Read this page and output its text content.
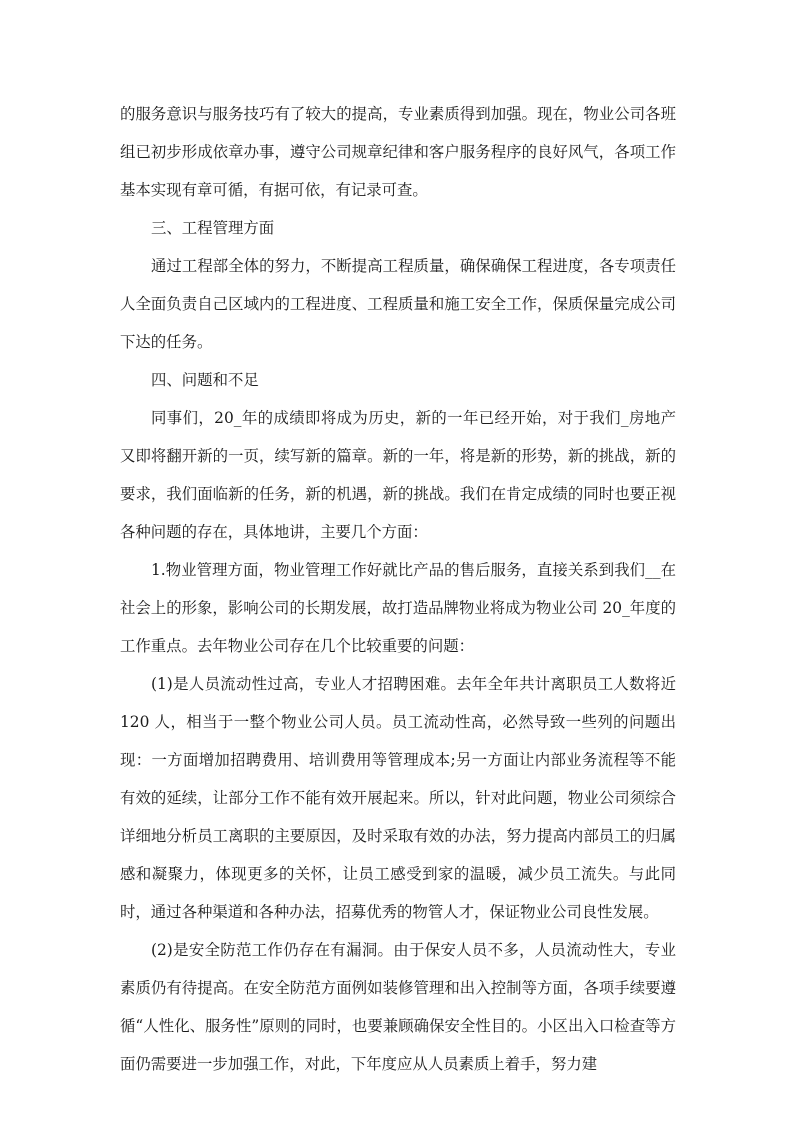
的服务意识与服务技巧有了较大的提高，专业素质得到加强。现在，物业公司各班组已初步形成依章办事，遵守公司规章纪律和客户服务程序的良好风气，各项工作基本实现有章可循，有据可依，有记录可查。

三、工程管理方面

通过工程部全体的努力，不断提高工程质量，确保确保工程进度，各专项责任人全面负责自己区域内的工程进度、工程质量和施工安全工作，保质保量完成公司下达的任务。

四、问题和不足

同事们，20_年的成绩即将成为历史，新的一年已经开始，对于我们_房地产又即将翻开新的一页，续写新的篇章。新的一年，将是新的形势，新的挑战，新的要求，我们面临新的任务，新的机遇，新的挑战。我们在肯定成绩的同时也要正视各种问题的存在，具体地讲，主要几个方面：

1.物业管理方面，物业管理工作好就比产品的售后服务，直接关系到我们__在社会上的形象，影响公司的长期发展，故打造品牌物业将成为物业公司 20_年度的工作重点。去年物业公司存在几个比较重要的问题：

(1)是人员流动性过高，专业人才招聘困难。去年全年共计离职员工人数将近 120 人，相当于一整个物业公司人员。员工流动性高，必然导致一些列的问题出现：一方面增加招聘费用、培训费用等管理成本;另一方面让内部业务流程等不能有效的延续，让部分工作不能有效开展起来。所以，针对此问题，物业公司须综合详细地分析员工离职的主要原因，及时采取有效的办法，努力提高内部员工的归属感和凝聚力，体现更多的关怀，让员工感受到家的温暖，减少员工流失。与此同时，通过各种渠道和各种办法，招募优秀的物管人才，保证物业公司良性发展。

(2)是安全防范工作仍存在有漏洞。由于保安人员不多，人员流动性大，专业素质仍有待提高。在安全防范方面例如装修管理和出入控制等方面，各项手续要遵循“人性化、服务性”原则的同时，也要兼顾确保安全性目的。小区出入口检查等方面仍需要进一步加强工作，对此，下年度应从人员素质上着手，努力建
